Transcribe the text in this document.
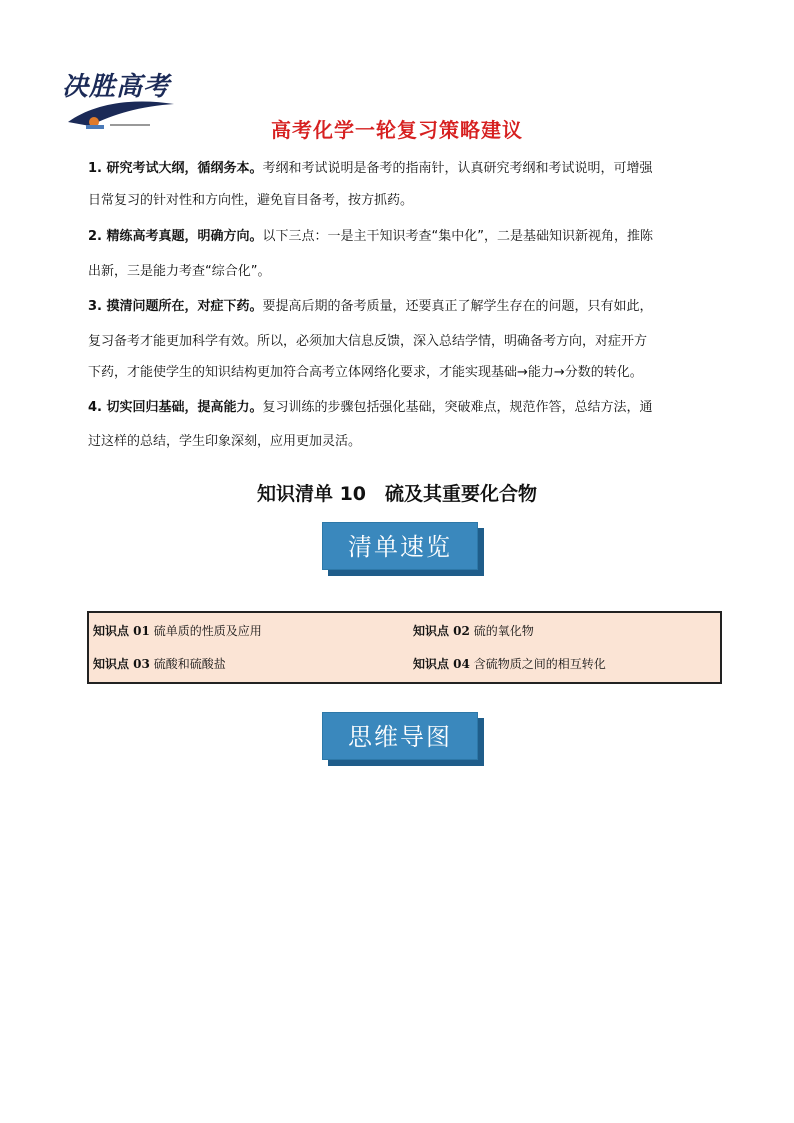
决胜高考
高考化学一轮复习策略建议
1. 研究考试大纲，循纲务本。考纲和考试说明是备考的指南针，认真研究考纲和考试说明，可增强
日常复习的针对性和方向性，避免盲目备考，按方抓药。
2. 精练高考真题，明确方向。以下三点：一是主干知识考查“集中化”，二是基础知识新视角，推陈
出新，三是能力考查“综合化”。
3. 摸清问题所在，对症下药。要提高后期的备考质量，还要真正了解学生存在的问题，只有如此，
复习备考才能更加科学有效。所以，必须加大信息反馈，深入总结学情，明确备考方向，对症开方
下药，才能使学生的知识结构更加符合高考立体网络化要求，才能实现基础→能力→分数的转化。
4. 切实回归基础，提高能力。复习训练的步骤包括强化基础，突破难点，规范作答，总结方法，通
过这样的总结，学生印象深刻，应用更加灵活。
知识清单 10　硫及其重要化合物
清单速览
知识点 01 硫单质的性质及应用	知识点 02 硫的氧化物
知识点 03 硫酸和硫酸盐	知识点 04 含硫物质之间的相互转化
思维导图
